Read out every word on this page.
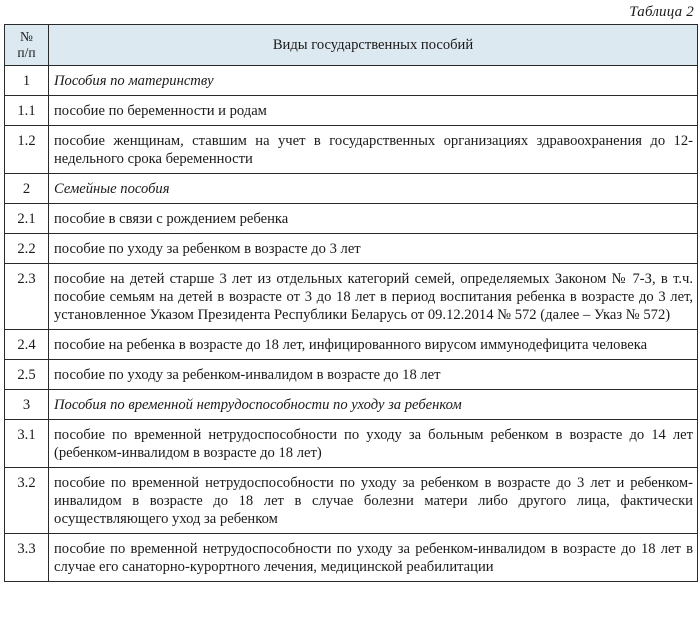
Таблица 2
№
п/п	Виды государственных пособий
1	Пособия по материнству
1.1	пособие по беременности и родам
1.2	пособие женщинам, ставшим на учет в государственных организациях здравоохранения до 12-недельного срока беременности
2	Семейные пособия
2.1	пособие в связи с рождением ребенка
2.2	пособие по уходу за ребенком в возрасте до 3 лет
2.3	пособие на детей старше 3 лет из отдельных категорий семей, определяемых Законом № 7-З, в т.ч. пособие семьям на детей в возрасте от 3 до 18 лет в период воспитания ребенка в возрасте до 3 лет, установленное Указом Президента Республики Беларусь от 09.12.2014 № 572 (далее – Указ № 572)
2.4	пособие на ребенка в возрасте до 18 лет, инфицированного вирусом иммунодефицита человека
2.5	пособие по уходу за ребенком-инвалидом в возрасте до 18 лет
3	Пособия по временной нетрудоспособности по уходу за ребенком
3.1	пособие по временной нетрудоспособности по уходу за больным ребенком в возрасте до 14 лет (ребенком-инвалидом в возрасте до 18 лет)
3.2	пособие по временной нетрудоспособности по уходу за ребенком в возрасте до 3 лет и ребенком-инвалидом в возрасте до 18 лет в случае болезни матери либо другого лица, фактически осуществляющего уход за ребенком
3.3	пособие по временной нетрудоспособности по уходу за ребенком-инвалидом в возрасте до 18 лет в случае его санаторно-курортного лечения, медицинской реабилитации
